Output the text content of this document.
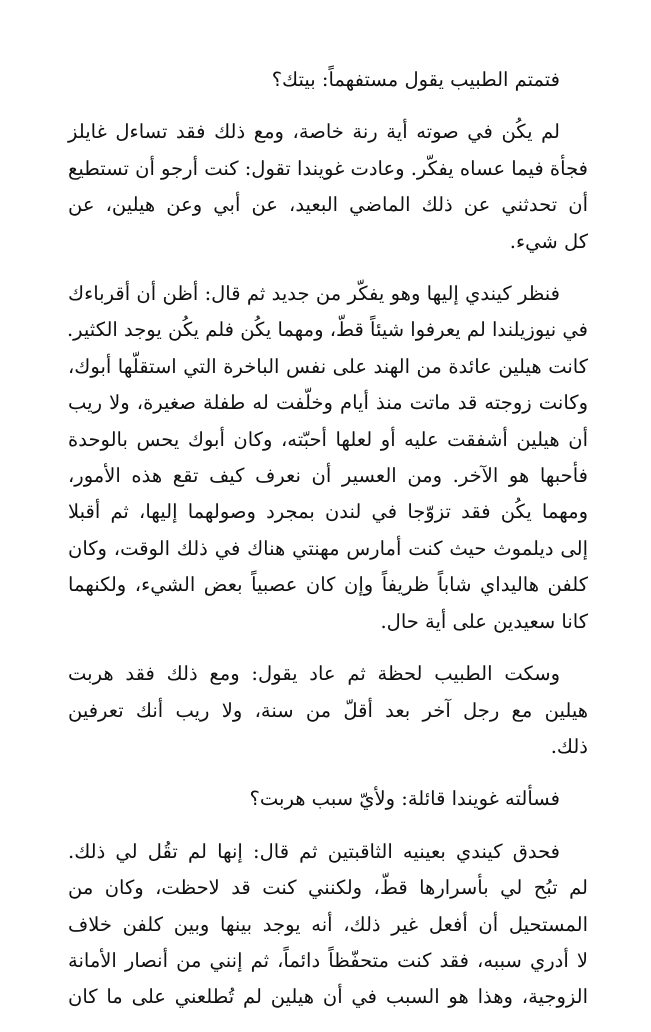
فتمتم الطبيب يقول مستفهماً: بيتك؟
لم يكُن في صوته أية رنة خاصة، ومع ذلك فقد تساءل غايلز
فجأة فيما عساه يفكّر. وعادت غويندا تقول: كنت أرجو أن تستطيع
أن تحدثني عن ذلك الماضي البعيد، عن أبي وعن هيلين، عن
كل شيء.
فنظر كيندي إليها وهو يفكّر من جديد ثم قال: أظن أن أقرباءك
في نيوزيلندا لم يعرفوا شيئاً قطّ، ومهما يكُن فلم يكُن يوجد الكثير.
كانت هيلين عائدة من الهند على نفس الباخرة التي استقلّها أبوك،
وكانت زوجته قد ماتت منذ أيام وخلّفت له طفلة صغيرة، ولا ريب
أن هيلين أشفقت عليه أو لعلها أحبّته، وكان أبوك يحس بالوحدة
فأحبها هو الآخر. ومن العسير أن نعرف كيف تقع هذه الأمور،
ومهما يكُن فقد تزوّجا في لندن بمجرد وصولهما إليها، ثم أقبلا
إلى ديلموث حيث كنت أمارس مهنتي هناك في ذلك الوقت، وكان
كلفن هاليداي شاباً ظريفاً وإن كان عصبياً بعض الشيء، ولكنهما
كانا سعيدين على أية حال.
وسكت الطبيب لحظة ثم عاد يقول: ومع ذلك فقد هربت
هيلين مع رجل آخر بعد أقلّ من سنة، ولا ريب أنك تعرفين
ذلك.
فسألته غويندا قائلة: ولأيّ سبب هربت؟
فحدق كيندي بعينيه الثاقبتين ثم قال: إنها لم تقُل لي ذلك.
لم تبُح لي بأسرارها قطّ، ولكنني كنت قد لاحظت، وكان من
المستحيل أن أفعل غير ذلك، أنه يوجد بينها وبين كلفن خلاف
لا أدري سببه، فقد كنت متحفّظاً دائماً، ثم إنني من أنصار الأمانة
الزوجية، وهذا هو السبب في أن هيلين لم تُطلعني على ما كان
